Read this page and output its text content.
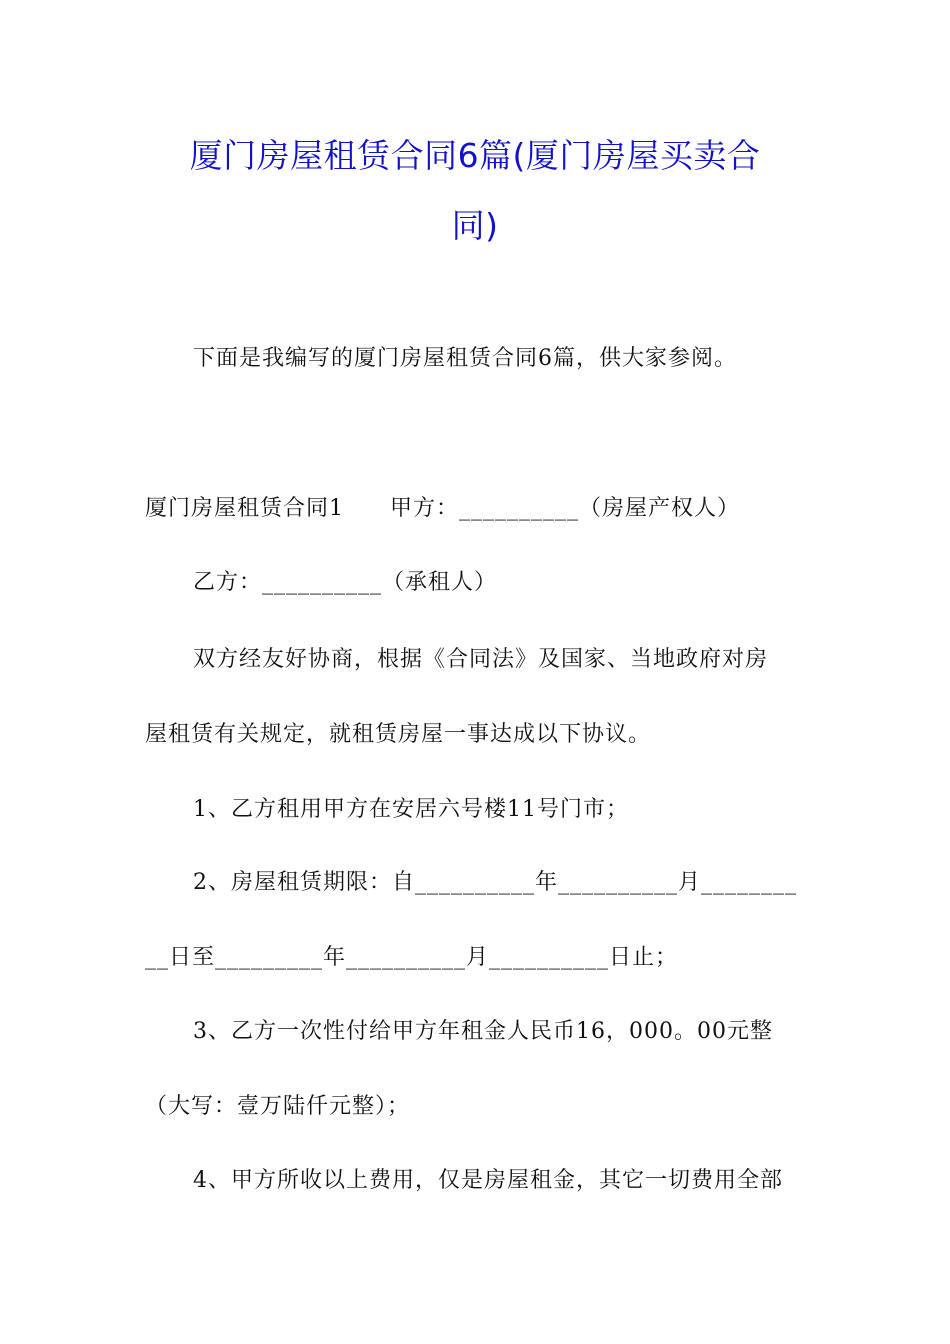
厦门房屋租赁合同6篇(厦门房屋买卖合
同)
下面是我编写的厦门房屋租赁合同6篇，供大家参阅。
厦门房屋租赁合同1　　甲方：__________（房屋产权人）
乙方：__________（承租人）
双方经友好协商，根据《合同法》及国家、当地政府对房
屋租赁有关规定，就租赁房屋一事达成以下协议。
1、乙方租用甲方在安居六号楼11号门市；
2、房屋租赁期限：自__________年__________月________
__日至_________年__________月__________日止；
3、乙方一次性付给甲方年租金人民币16，000。00元整
（大写：壹万陆仟元整）；
4、甲方所收以上费用，仅是房屋租金，其它一切费用全部
